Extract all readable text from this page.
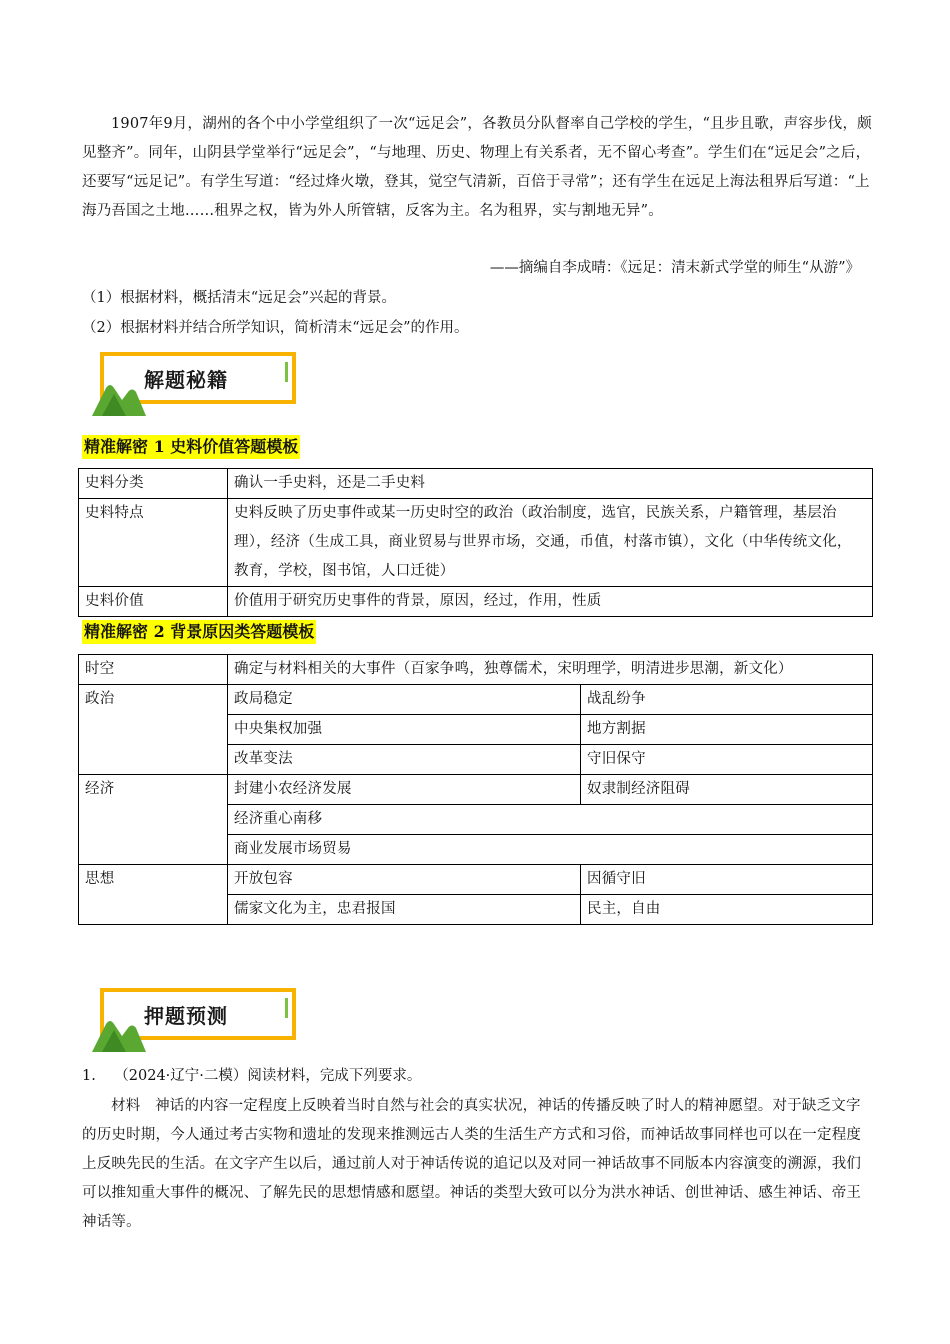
1907年9月，湖州的各个中小学堂组织了一次“远足会”，各教员分队督率自己学校的学生，“且步且歌，声容步伐，颇见整齐”。同年，山阴县学堂举行“远足会”，“与地理、历史、物理上有关系者，无不留心考查”。学生们在“远足会”之后，还要写“远足记”。有学生写道：“经过烽火墩，登其，觉空气清新，百倍于寻常”；还有学生在远足上海法租界后写道：“上海乃吾国之土地……租界之权，皆为外人所管辖，反客为主。名为租界，实与割地无异”。

——摘编自李成晴：《远足：清末新式学堂的师生“从游”》
（1）根据材料，概括清末“远足会”兴起的背景。
（2）根据材料并结合所学知识，简析清末“远足会”的作用。
解题秘籍
精准解密 1 史料价值答题模板
史料分类	确认一手史料，还是二手史料
史料特点	史料反映了历史事件或某一历史时空的政治（政治制度，选官，民族关系，户籍管理，基层治理），经济（生成工具，商业贸易与世界市场，交通，币值，村落市镇），文化（中华传统文化，教育，学校，图书馆，人口迁徙）
史料价值	价值用于研究历史事件的背景，原因，经过，作用，性质
精准解密 2 背景原因类答题模板
时空	确定与材料相关的大事件（百家争鸣，独尊儒术，宋明理学，明清进步思潮，新文化）	
政治	政局稳定	战乱纷争
	中央集权加强	地方割据
	改革变法	守旧保守
经济	封建小农经济发展	奴隶制经济阻碍
	经济重心南移	
	商业发展市场贸易	
思想	开放包容	因循守旧
	儒家文化为主，忠君报国	民主，自由
押题预测
1. （2024·辽宁·二模）阅读材料，完成下列要求。

材料　神话的内容一定程度上反映着当时自然与社会的真实状况，神话的传播反映了时人的精神愿望。对于缺乏文字的历史时期，今人通过考古实物和遗址的发现来推测远古人类的生活生产方式和习俗，而神话故事同样也可以在一定程度上反映先民的生活。在文字产生以后，通过前人对于神话传说的追记以及对同一神话故事不同版本内容演变的溯源，我们可以推知重大事件的概况、了解先民的思想情感和愿望。神话的类型大致可以分为洪水神话、创世神话、感生神话、帝王神话等。
